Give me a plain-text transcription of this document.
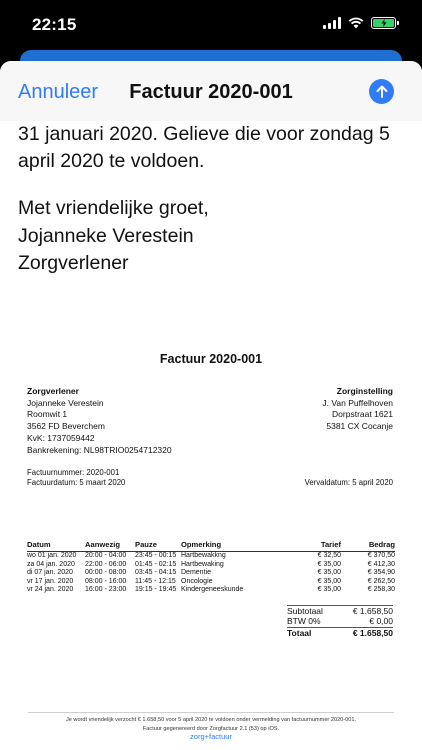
22:15
Annuleer	Factuur 2020-001
31 januari 2020. Gelieve die voor zondag 5
april 2020 te voldoen.
Met vriendelijke groet,
Jojanneke Verestein
Zorgverlener
Factuur 2020-001
Zorgverlener
Jojanneke Verestein
Roomwit 1
3562 FD Beverchem
KvK: 1737059442
Bankrekening: NL98TRIO0254712320
Zorginstelling
J. Van Puffelhoven
Dorpstraat 1621
5381 CX Cocanje
Factuurnummer: 2020-001
Factuurdatum: 5 maart 2020	Vervaldatum: 5 april 2020
Datum	Aanwezig	Pauze	Opmerking	Tarief	Bedrag
wo 01 jan. 2020	20:00 - 04:00	23:45 - 00:15	Hartbewakkng	€ 32,50	€ 370,50
za 04 jan. 2020	22:00 - 06:00	01:45 - 02:15	Hartbewaking	€ 35,00	€ 412,30
di 07 jan. 2020	00:00 - 08:00	03:45 - 04:15	Dementie	€ 35,00	€ 354,90
vr 17 jan. 2020	08:00 - 16:00	11:45 - 12:15	Oncologie	€ 35,00	€ 262,50
vr 24 jan. 2020	16:00 - 23:00	19:15 - 19:45	Kindergeneeskunde	€ 35,00	€ 258,30
Subtotaal	€ 1.658,50
BTW 0%	€ 0,00
Totaal	€ 1.658,50
Je wordt vriendelijk verzocht € 1.658,50 voor 5 april 2020 te voldoen onder vermelding van factuurnummer 2020-001.
Factuur gegenereerd door Zorgfactuur 2.1 (53) op iOS.
zorg+factuur
